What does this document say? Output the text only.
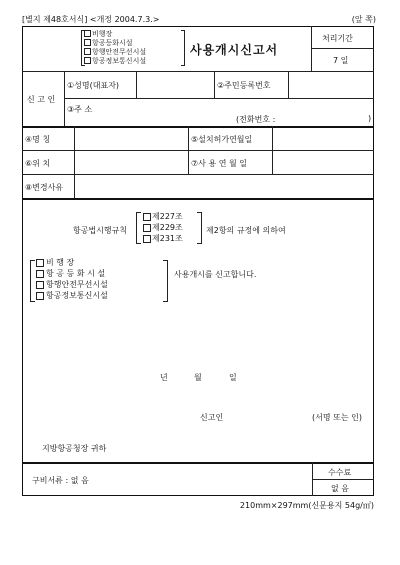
[별지 제48호서식] <개정 2004.7.3.>	(앞 쪽)
비행장
항공등화시설
항행안전무선시설
항공정보통신시설
사용개시신고서
처리기간
7 일
신 고 인
①성명(대표자)	②주민등록번호
③주 소
(전화번호 :	)
④명 칭	⑤설치허가연월일
⑥위 치	⑦사 용 연 월 일
⑧변경사유
항공법시행규칙
제227조
제229조
제231조
제2항의 규정에 의하여
비 행 장
항 공 등 화 시 설
항행안전무선시설
항공정보통신시설
사용개시를 신고합니다.
년	월	일
신고인	(서명 또는 인)
지방항공청장 귀하
구비서류 : 없 음
수수료
없 음
210mm×297mm(신문용지 54g/㎡)
